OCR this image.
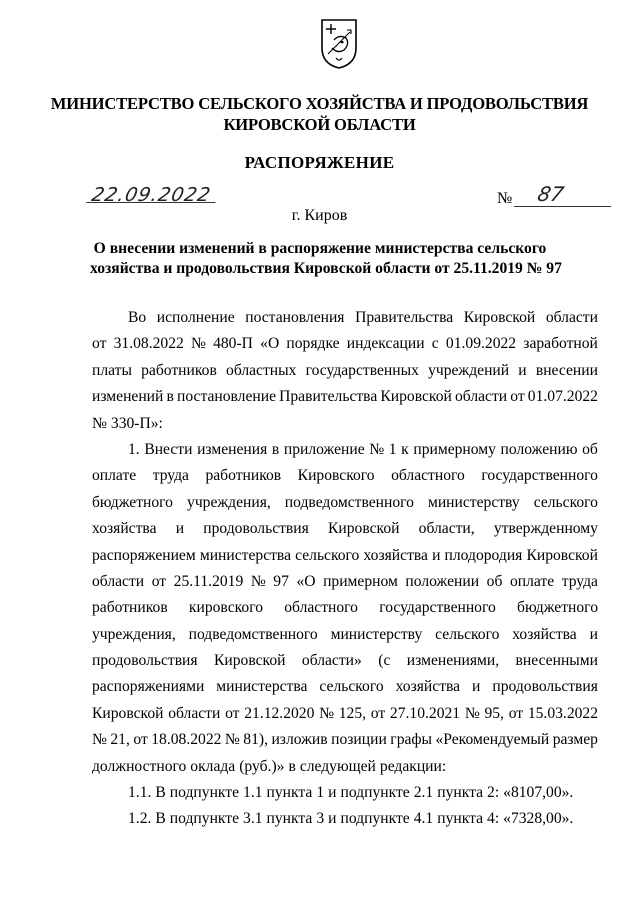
МИНИСТЕРСТВО СЕЛЬСКОГО ХОЗЯЙСТВА И ПРОДОВОЛЬСТВИЯ
КИРОВСКОЙ ОБЛАСТИ
РАСПОРЯЖЕНИЕ
22.09.2022	№ 87
г. Киров
О внесении изменений в распоряжение министерства сельского
хозяйства и продовольствия Кировской области от 25.11.2019 № 97
Во исполнение постановления Правительства Кировской области
от 31.08.2022 № 480-П «О порядке индексации с 01.09.2022 заработной
платы работников областных государственных учреждений и внесении
изменений в постановление Правительства Кировской области от 01.07.2022
№ 330-П»:
1. Внести изменения в приложение № 1 к примерному положению об
оплате труда работников Кировского областного государственного
бюджетного учреждения, подведомственного министерству сельского
хозяйства и продовольствия Кировской области, утвержденному
распоряжением министерства сельского хозяйства и плодородия Кировской
области от 25.11.2019 № 97 «О примерном положении об оплате труда
работников кировского областного государственного бюджетного
учреждения, подведомственного министерству сельского хозяйства и
продовольствия Кировской области» (с изменениями, внесенными
распоряжениями министерства сельского хозяйства и продовольствия
Кировской области от 21.12.2020 № 125, от 27.10.2021 № 95, от 15.03.2022
№ 21, от 18.08.2022 № 81), изложив позиции графы «Рекомендуемый размер
должностного оклада (руб.)» в следующей редакции:
1.1. В подпункте 1.1 пункта 1 и подпункте 2.1 пункта 2: «8107,00».
1.2. В подпункте 3.1 пункта 3 и подпункте 4.1 пункта 4: «7328,00».
